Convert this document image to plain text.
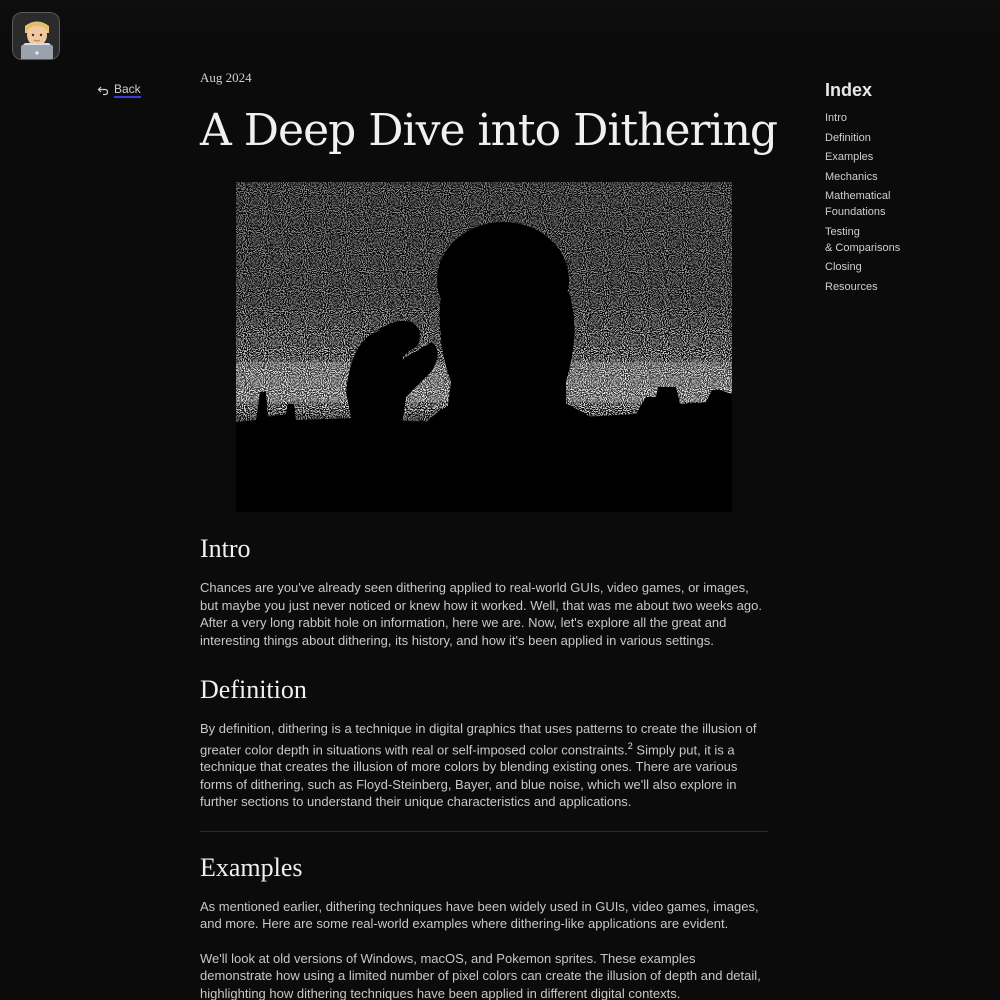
Back
Aug 2024
A Deep Dive into Dithering
Intro

Chances are you've already seen dithering applied to real-world GUIs, video games, or images, but maybe you just never noticed or knew how it worked. Well, that was me about two weeks ago. After a very long rabbit hole on information, here we are. Now, let's explore all the great and interesting things about dithering, its history, and how it's been applied in various settings.

Definition

By definition, dithering is a technique in digital graphics that uses patterns to create the illusion of greater color depth in situations with real or self-imposed color constraints.$^2$ Simply put, it is a technique that creates the illusion of more colors by blending existing ones. There are various forms of dithering, such as Floyd-Steinberg, Bayer, and blue noise, which we'll also explore in further sections to understand their unique characteristics and applications.

Examples

As mentioned earlier, dithering techniques have been widely used in GUIs, video games, images, and more. Here are some real-world examples where dithering-like applications are evident.

We'll look at old versions of Windows, macOS, and Pokemon sprites. These examples demonstrate how using a limited number of pixel colors can create the illusion of depth and detail, highlighting how dithering techniques have been applied in different digital contexts.

Index
Intro
Definition
Examples
Mechanics
Mathematical
Foundations
Testing
& Comparisons
Closing
Resources
